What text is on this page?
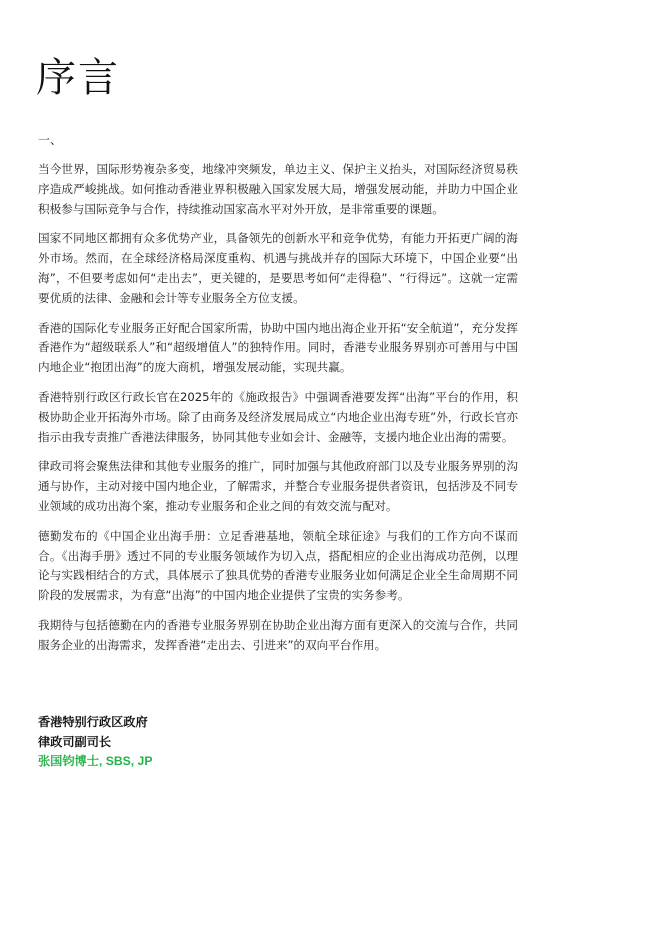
序言
一、

当今世界，国际形势複杂多变，地缘冲突频发，单边主义、保护主义抬头，对国际经济贸易秩序造成严峻挑战。如何推动香港业界积极融入国家发展大局，增强发展动能，并助力中国企业积极参与国际竞争与合作，持续推动国家高水平对外开放，是非常重要的课题。

国家不同地区都拥有众多优势产业，具备领先的创新水平和竞争优势，有能力开拓更广阔的海外市场。然而，在全球经济格局深度重构、机遇与挑战并存的国际大环境下，中国企业要“出海”，不但要考虑如何“走出去”，更关键的，是要思考如何“走得稳”、“行得远”。这就一定需要优质的法律、金融和会计等专业服务全方位支援。

香港的国际化专业服务正好配合国家所需，协助中国内地出海企业开拓“安全航道”，充分发挥香港作为“超级联系人”和“超级增值人”的独特作用。同时，香港专业服务界别亦可善用与中国内地企业“抱团出海”的庞大商机，增强发展动能，实现共赢。

香港特别行政区行政长官在2025年的《施政报告》中强调香港要发挥“出海”平台的作用，积极协助企业开拓海外市场。除了由商务及经济发展局成立“内地企业出海专班”外，行政长官亦指示由我专责推广香港法律服务，协同其他专业如会计、金融等，支援内地企业出海的需要。

律政司将会聚焦法律和其他专业服务的推广，同时加强与其他政府部门以及专业服务界别的沟通与协作，主动对接中国内地企业，了解需求，并整合专业服务提供者资讯，包括涉及不同专业领域的成功出海个案，推动专业服务和企业之间的有效交流与配对。

德勤发布的《中国企业出海手册：立足香港基地，领航全球征途》与我们的工作方向不谋而合。《出海手册》透过不同的专业服务领域作为切入点，搭配相应的企业出海成功范例，以理论与实践相结合的方式，具体展示了独具优势的香港专业服务业如何满足企业全生命周期不同阶段的发展需求，为有意“出海”的中国内地企业提供了宝贵的实务参考。

我期待与包括德勤在内的香港专业服务界别在协助企业出海方面有更深入的交流与合作，共同服务企业的出海需求，发挥香港“走出去、引进来”的双向平台作用。

香港特别行政区政府
律政司副司长
张国钧博士, SBS, JP
